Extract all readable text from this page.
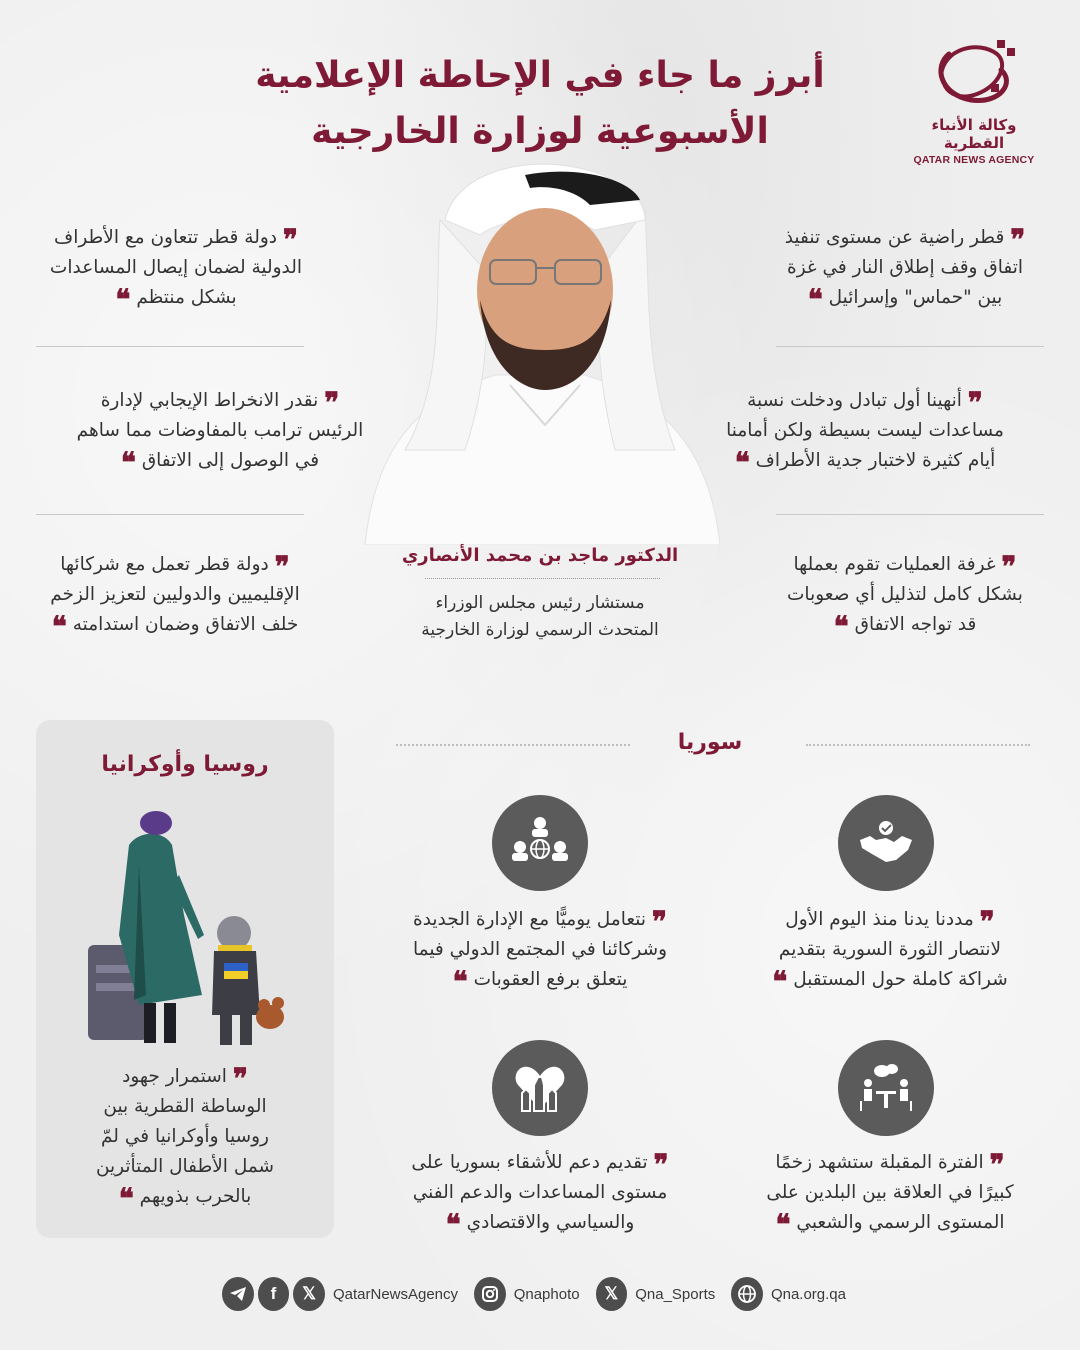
أبرز ما جاء في الإحاطة الإعلامية
الأسبوعية لوزارة الخارجية	وكالة الأنباء القطرية
QATAR NEWS AGENCY
❞ قطر راضية عن مستوى تنفيذ
اتفاق وقف إطلاق النار في غزة
بين "حماس" وإسرائيل ❝
❞ أنهينا أول تبادل ودخلت نسبة
مساعدات ليست بسيطة ولكن أمامنا
أيام كثيرة لاختبار جدية الأطراف ❝
❞ غرفة العمليات تقوم بعملها
بشكل كامل لتذليل أي صعوبات
قد تواجه الاتفاق ❝
❞ دولة قطر تتعاون مع الأطراف
الدولية لضمان إيصال المساعدات
بشكل منتظم ❝
❞ نقدر الانخراط الإيجابي لإدارة
الرئيس ترامب بالمفاوضات مما ساهم
في الوصول إلى الاتفاق ❝
❞ دولة قطر تعمل مع شركائها
الإقليميين والدوليين لتعزيز الزخم
خلف الاتفاق وضمان استدامته ❝
الدكتور ماجد بن محمد الأنصاري
مستشار رئيس مجلس الوزراء
المتحدث الرسمي لوزارة الخارجية
سوريا
❞ مددنا يدنا منذ اليوم الأول
لانتصار الثورة السورية بتقديم
شراكة كاملة حول المستقبل ❝
❞ نتعامل يوميًّا مع الإدارة الجديدة
وشركائنا في المجتمع الدولي فيما
يتعلق برفع العقوبات ❝
❞ الفترة المقبلة ستشهد زخمًا
كبيرًا في العلاقة بين البلدين على
المستوى الرسمي والشعبي ❝
❞ تقديم دعم للأشقاء بسوريا على
مستوى المساعدات والدعم الفني
والسياسي والاقتصادي ❝
روسيا وأوكرانيا
❞ استمرار جهود
الوساطة القطرية بين
روسيا وأوكرانيا في لمّ
شمل الأطفال المتأثرين
بالحرب بذويهم ❝
f	𝕏	QatarNewsAgency	Qnaphoto	𝕏	Qna_Sports	Qna.org.qa
